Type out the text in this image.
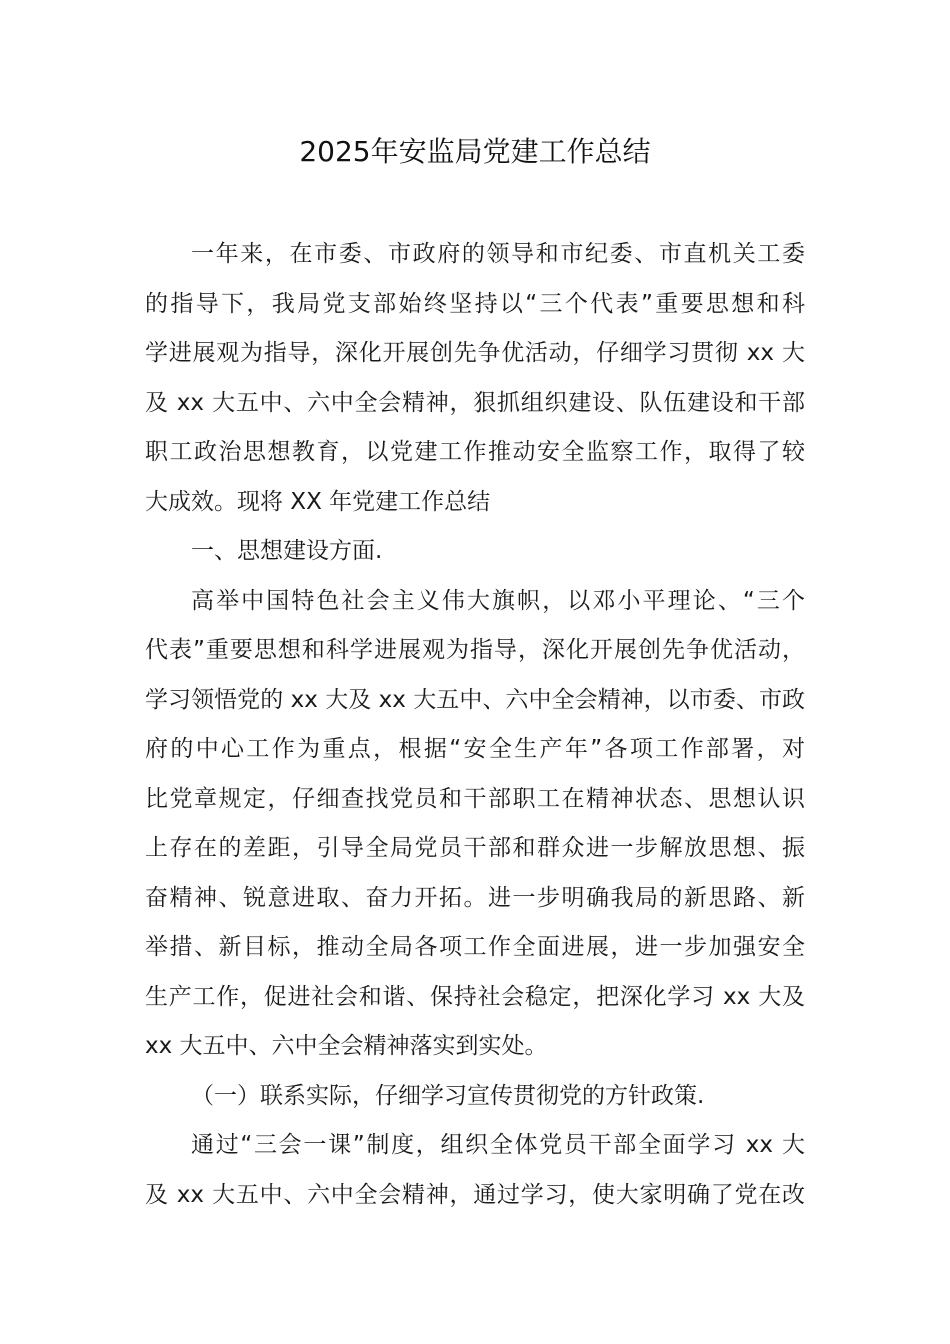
2025年安监局党建工作总结
一年来，在市委、市政府的领导和市纪委、市直机关工委
的指导下，我局党支部始终坚持以“三个代表”重要思想和科
学进展观为指导，深化开展创先争优活动，仔细学习贯彻 xx 大
及 xx 大五中、六中全会精神，狠抓组织建设、队伍建设和干部
职工政治思想教育，以党建工作推动安全监察工作，取得了较
大成效。现将 XX 年党建工作总结
一、思想建设方面.
高举中国特色社会主义伟大旗帜，以邓小平理论、“三个
代表”重要思想和科学进展观为指导，深化开展创先争优活动，
学习领悟党的 xx 大及 xx 大五中、六中全会精神，以市委、市政
府的中心工作为重点，根据“安全生产年”各项工作部署，对
比党章规定，仔细查找党员和干部职工在精神状态、思想认识
上存在的差距，引导全局党员干部和群众进一步解放思想、振
奋精神、锐意进取、奋力开拓。进一步明确我局的新思路、新
举措、新目标，推动全局各项工作全面进展，进一步加强安全
生产工作，促进社会和谐、保持社会稳定，把深化学习 xx 大及
xx 大五中、六中全会精神落实到实处。
（一）联系实际，仔细学习宣传贯彻党的方针政策.
通过“三会一课”制度，组织全体党员干部全面学习 xx 大
及 xx 大五中、六中全会精神，通过学习，使大家明确了党在改
